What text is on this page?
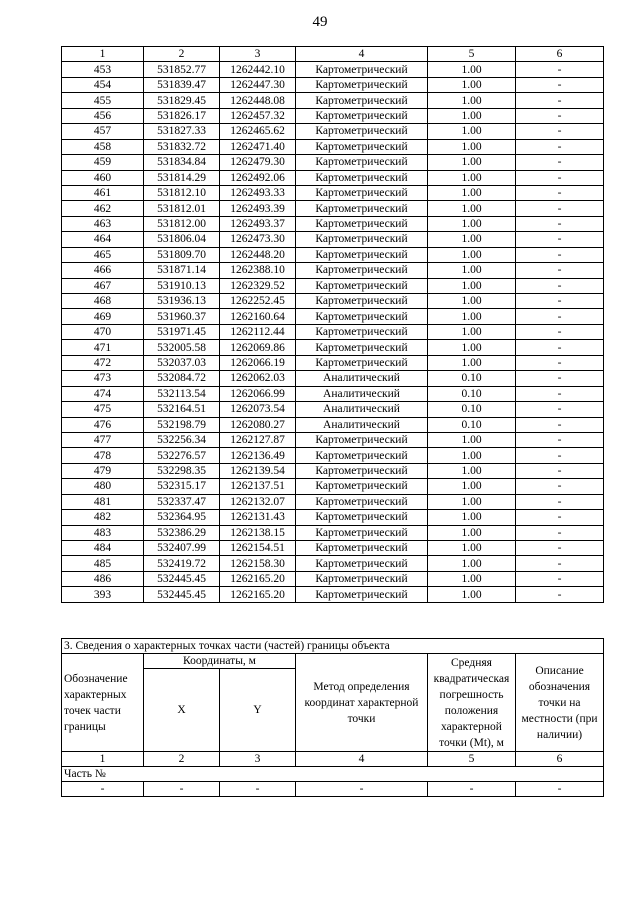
49
1	2	3	4	5	6
453	531852.77	1262442.10	Картометрический	1.00	-
454	531839.47	1262447.30	Картометрический	1.00	-
455	531829.45	1262448.08	Картометрический	1.00	-
456	531826.17	1262457.32	Картометрический	1.00	-
457	531827.33	1262465.62	Картометрический	1.00	-
458	531832.72	1262471.40	Картометрический	1.00	-
459	531834.84	1262479.30	Картометрический	1.00	-
460	531814.29	1262492.06	Картометрический	1.00	-
461	531812.10	1262493.33	Картометрический	1.00	-
462	531812.01	1262493.39	Картометрический	1.00	-
463	531812.00	1262493.37	Картометрический	1.00	-
464	531806.04	1262473.30	Картометрический	1.00	-
465	531809.70	1262448.20	Картометрический	1.00	-
466	531871.14	1262388.10	Картометрический	1.00	-
467	531910.13	1262329.52	Картометрический	1.00	-
468	531936.13	1262252.45	Картометрический	1.00	-
469	531960.37	1262160.64	Картометрический	1.00	-
470	531971.45	1262112.44	Картометрический	1.00	-
471	532005.58	1262069.86	Картометрический	1.00	-
472	532037.03	1262066.19	Картометрический	1.00	-
473	532084.72	1262062.03	Аналитический	0.10	-
474	532113.54	1262066.99	Аналитический	0.10	-
475	532164.51	1262073.54	Аналитический	0.10	-
476	532198.79	1262080.27	Аналитический	0.10	-
477	532256.34	1262127.87	Картометрический	1.00	-
478	532276.57	1262136.49	Картометрический	1.00	-
479	532298.35	1262139.54	Картометрический	1.00	-
480	532315.17	1262137.51	Картометрический	1.00	-
481	532337.47	1262132.07	Картометрический	1.00	-
482	532364.95	1262131.43	Картометрический	1.00	-
483	532386.29	1262138.15	Картометрический	1.00	-
484	532407.99	1262154.51	Картометрический	1.00	-
485	532419.72	1262158.30	Картометрический	1.00	-
486	532445.45	1262165.20	Картометрический	1.00	-
393	532445.45	1262165.20	Картометрический	1.00	-
3. Сведения о характерных точках части (частей) границы объекта					
Обозначение характерных точек части границы	Координаты, м		Метод определения координат характерной точки	Средняя квадратическая погрешность положения характерной точки (Мt), м	Описание обозначения точки на местности (при наличии)
	X	Y			
1	2	3	4	5	6
Часть №					
-	-	-	-	-	-
